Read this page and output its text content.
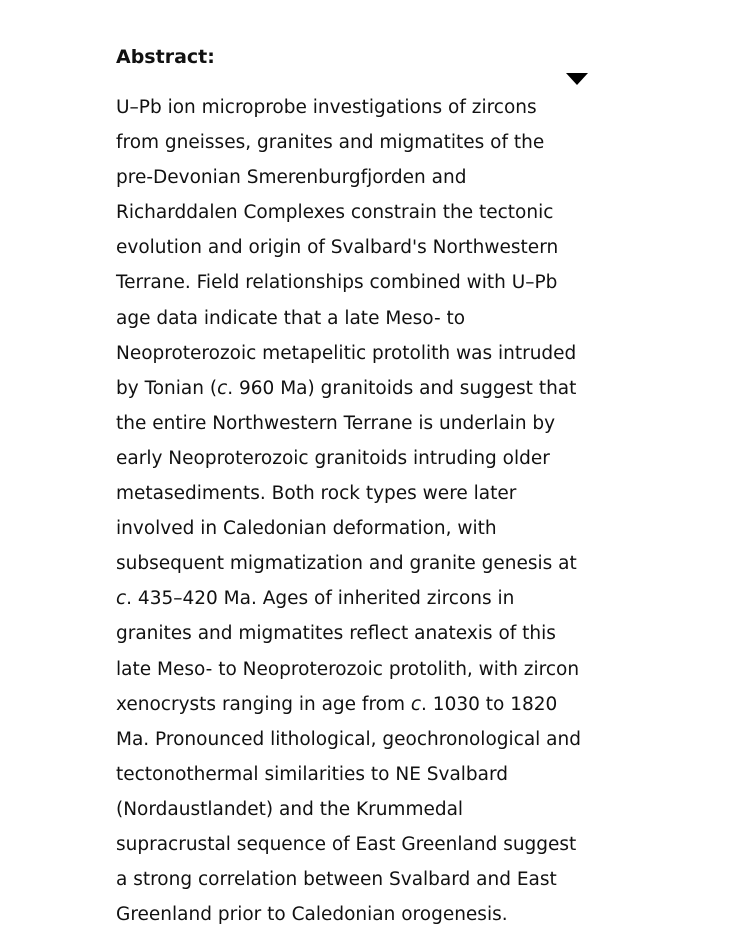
Abstract:
U–Pb ion microprobe investigations of zircons
from gneisses, granites and migmatites of the
pre-Devonian Smerenburgfjorden and
Richarddalen Complexes constrain the tectonic
evolution and origin of Svalbard's Northwestern
Terrane. Field relationships combined with U–Pb
age data indicate that a late Meso- to
Neoproterozoic metapelitic protolith was intruded
by Tonian (c. 960 Ma) granitoids and suggest that
the entire Northwestern Terrane is underlain by
early Neoproterozoic granitoids intruding older
metasediments. Both rock types were later
involved in Caledonian deformation, with
subsequent migmatization and granite genesis at
c. 435–420 Ma. Ages of inherited zircons in
granites and migmatites reflect anatexis of this
late Meso- to Neoproterozoic protolith, with zircon
xenocrysts ranging in age from c. 1030 to 1820
Ma. Pronounced lithological, geochronological and
tectonothermal similarities to NE Svalbard
(Nordaustlandet) and the Krummedal
supracrustal sequence of East Greenland suggest
a strong correlation between Svalbard and East
Greenland prior to Caledonian orogenesis.
